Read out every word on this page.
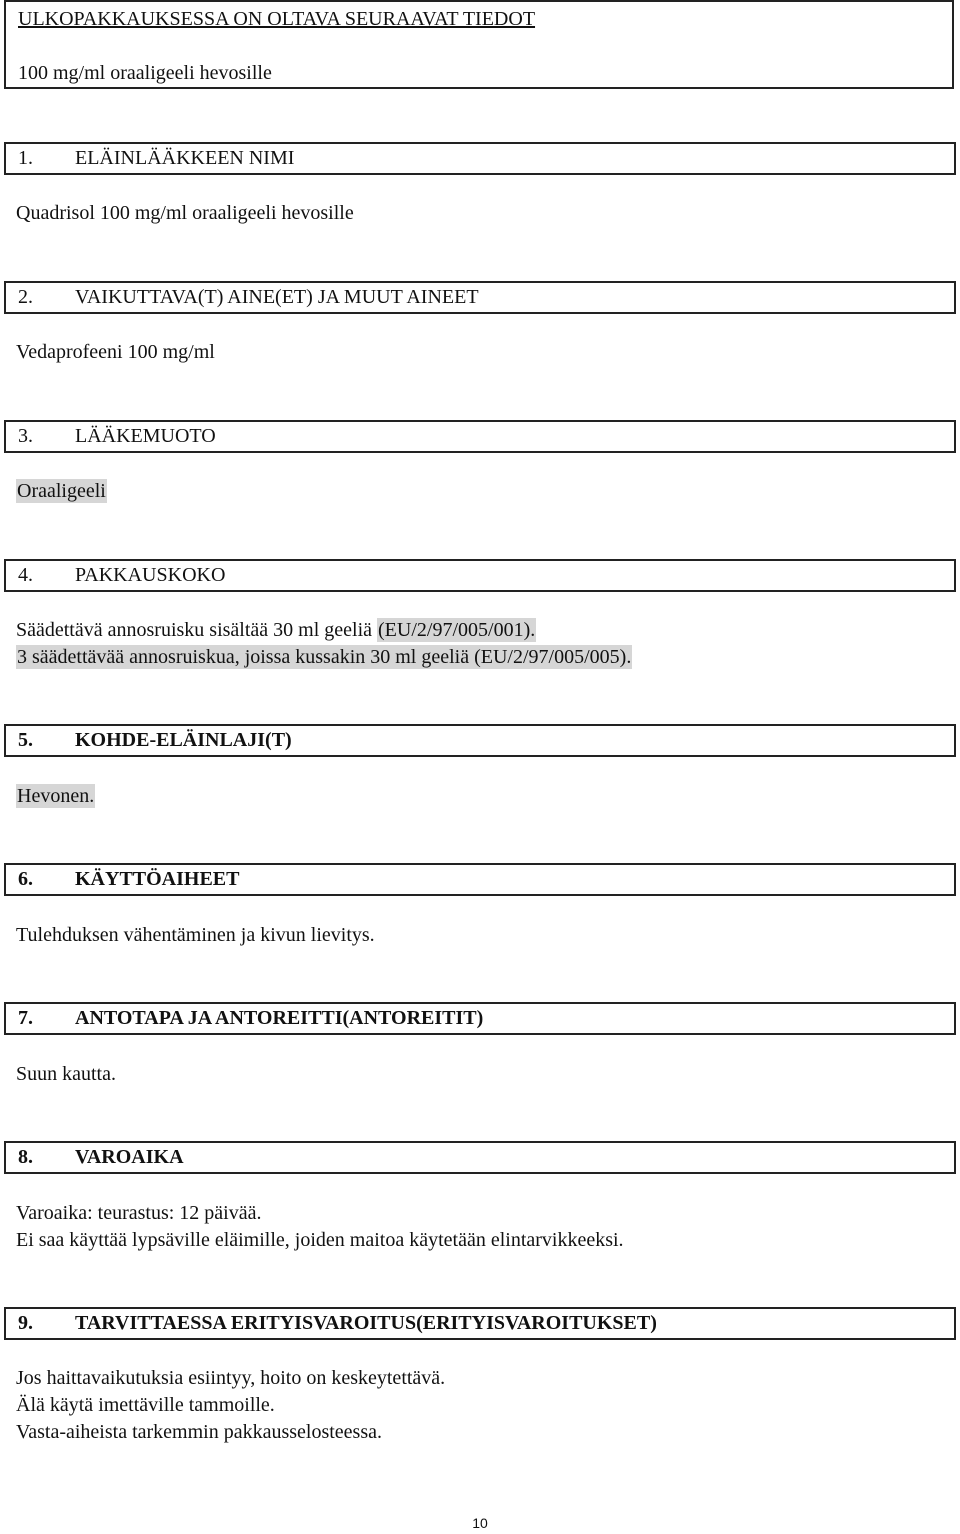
ULKOPAKKAUKSESSA ON OLTAVA SEURAAVAT TIEDOT
100 mg/ml oraaligeeli hevosille
1. ELÄINLÄÄKKEEN NIMI
Quadrisol 100 mg/ml oraaligeeli hevosille
2. VAIKUTTAVA(T) AINE(ET) JA MUUT AINEET
Vedaprofeeni 100 mg/ml
3. LÄÄKEMUOTO
Oraaligeeli
4. PAKKAUSKOKO
Säädettävä annosruisku sisältää 30 ml geeliä (EU/2/97/005/001).
3 säädettävää annosruiskua, joissa kussakin 30 ml geeliä (EU/2/97/005/005).
5. KOHDE-ELÄINLAJI(T)
Hevonen.
6. KÄYTTÖAIHEET
Tulehduksen vähentäminen ja kivun lievitys.
7. ANTOTAPA JA ANTOREITTI(ANTOREITIT)
Suun kautta.
8. VAROAIKA
Varoaika: teurastus: 12 päivää.
Ei saa käyttää lypsäville eläimille, joiden maitoa käytetään elintarvikkeeksi.
9. TARVITTAESSA ERITYISVAROITUS(ERITYISVAROITUKSET)
Jos haittavaikutuksia esiintyy, hoito on keskeytettävä.
Älä käytä imettäville tammoille.
Vasta-aiheista tarkemmin pakkausselosteessa.
10
